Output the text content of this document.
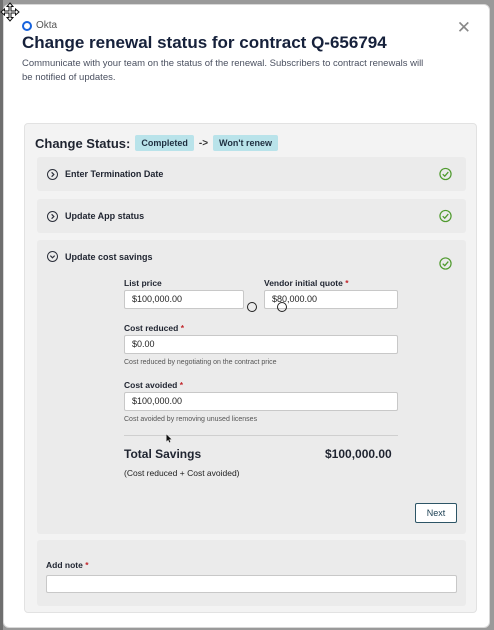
Okta	✕
Change renewal status for contract Q-656794
Communicate with your team on the status of the renewal. Subscribers to contract renewals will be notified of updates.
Change Status:	Completed	->	Won't renew
Enter Termination Date
Update App status
Update cost savings
List price
$100,000.00
Vendor initial quote *
$80,000.00
Cost reduced *
$0.00
Cost reduced by negotiating on the contract price
Cost avoided *
$100,000.00
Cost avoided by removing unused licenses
Total Savings	$100,000.00
(Cost reduced + Cost avoided)
Next
Add note *
